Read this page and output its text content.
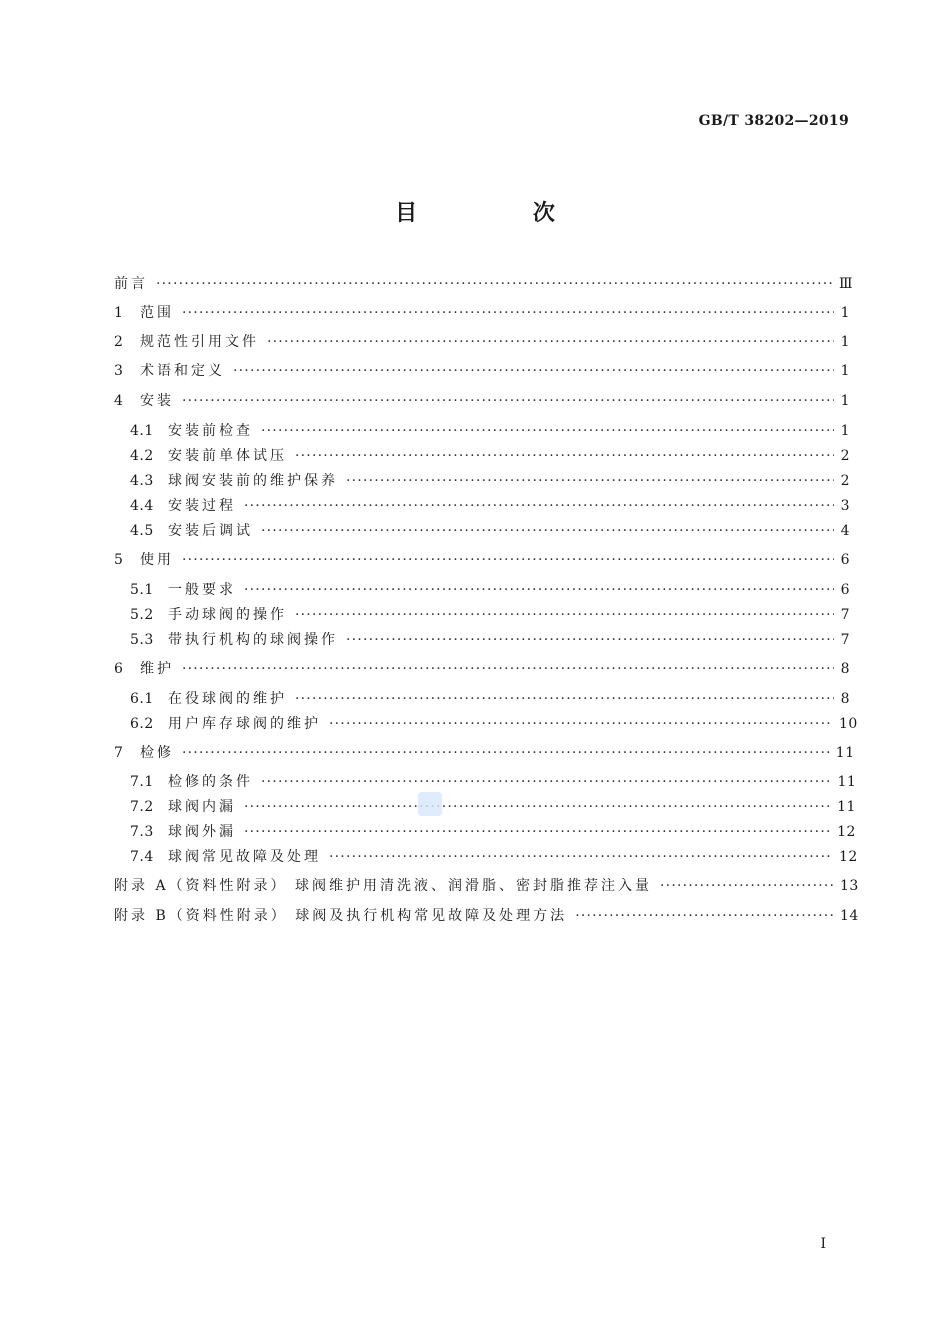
GB/T 38202—2019
目 次
前言 ·····	Ⅲ
1	范围 ·····	1
2	规范性引用文件 ·····	1
3	术语和定义 ·····	1
4	安装 ·····	1
4.1	安装前检查 ·····	1
4.2	安装前单体试压 ·····	2
4.3	球阀安装前的维护保养 ·····	2
4.4	安装过程 ·····	3
4.5	安装后调试 ·····	4
5	使用 ·····	6
5.1	一般要求 ·····	6
5.2	手动球阀的操作 ·····	7
5.3	带执行机构的球阀操作 ·····	7
6	维护 ·····	8
6.1	在役球阀的维护 ·····	8
6.2	用户库存球阀的维护 ·····	10
7	检修 ·····	11
7.1	检修的条件 ·····	11
7.2	球阀内漏 ·····	11
7.3	球阀外漏 ·····	12
7.4	球阀常见故障及处理 ·····	12
附录 A（资料性附录） 球阀维护用清洗液、润滑脂、密封脂推荐注入量 ·····	13
附录 B（资料性附录） 球阀及执行机构常见故障及处理方法 ·····	14
I
